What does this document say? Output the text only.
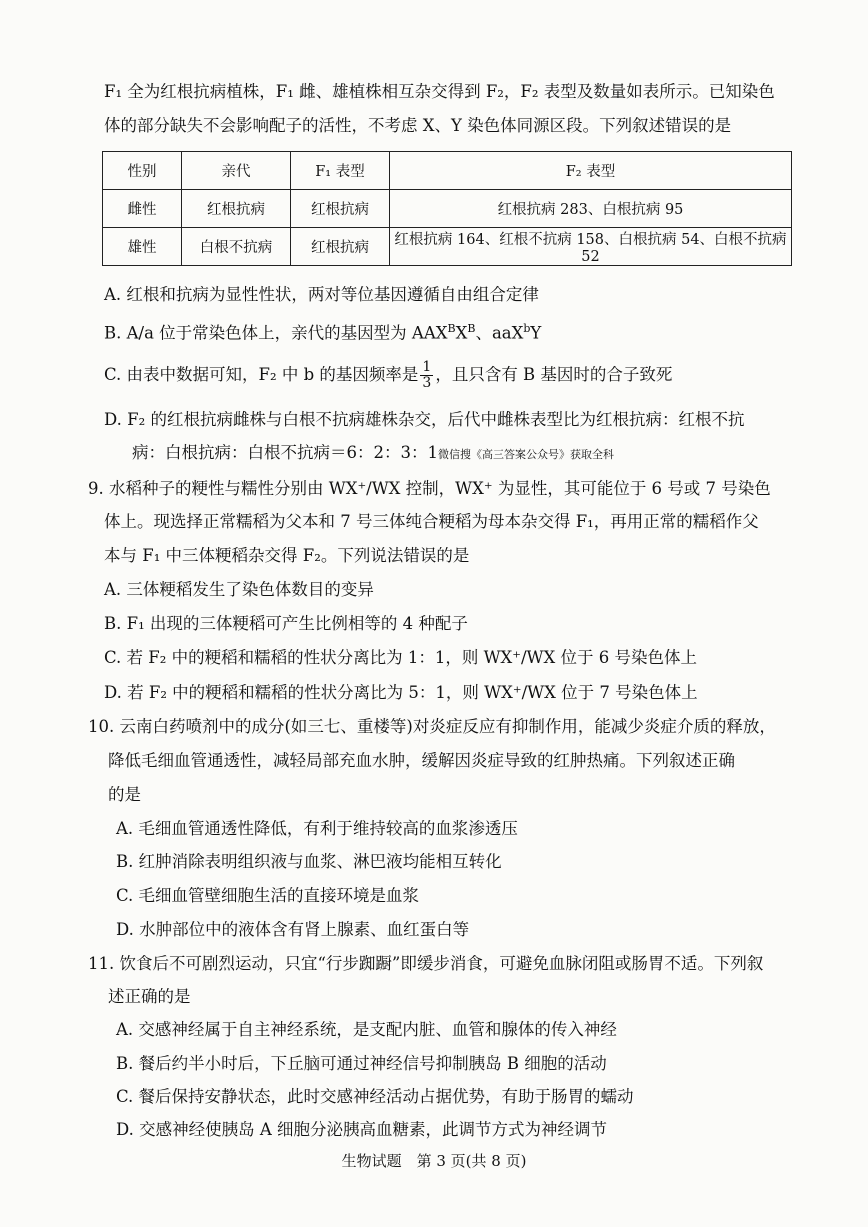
F₁ 全为红根抗病植株，F₁ 雌、雄植株相互杂交得到 F₂，F₂ 表型及数量如表所示。已知染色
体的部分缺失不会影响配子的活性，不考虑 X、Y 染色体同源区段。下列叙述错误的是
性别	亲代	F₁ 表型	F₂ 表型
雌性	红根抗病	红根抗病	红根抗病 283、白根抗病 95
雄性	白根不抗病	红根抗病	红根抗病 164、红根不抗病 158、白根抗病 54、白根不抗病 52
A. 红根和抗病为显性性状，两对等位基因遵循自由组合定律
B. A/a 位于常染色体上，亲代的基因型为 $AAX^BX^B$、aaX$^b$Y
C. 由表中数据可知，F₂ 中 b 的基因频率是 $\frac{1}{3}$ ，且只含有 B 基因时的合子致死
D. F₂ 的红根抗病雌株与白根不抗病雄株杂交，后代中雌株表型比为红根抗病：红根不抗
病：白根抗病：白根不抗病＝6：2：3：1微信搜《高三答案公众号》获取全科
9. 水稻种子的粳性与糯性分别由 WX⁺/WX 控制，WX⁺ 为显性，其可能位于 6 号或 7 号染色
体上。现选择正常糯稻为父本和 7 号三体纯合粳稻为母本杂交得 F₁，再用正常的糯稻作父
本与 F₁ 中三体粳稻杂交得 F₂。下列说法错误的是
A. 三体粳稻发生了染色体数目的变异
B. F₁ 出现的三体粳稻可产生比例相等的 4 种配子
C. 若 F₂ 中的粳稻和糯稻的性状分离比为 1：1，则 WX⁺/WX 位于 6 号染色体上
D. 若 F₂ 中的粳稻和糯稻的性状分离比为 5：1，则 WX⁺/WX 位于 7 号染色体上
10. 云南白药喷剂中的成分(如三七、重楼等)对炎症反应有抑制作用，能减少炎症介质的释放，
降低毛细血管通透性，减轻局部充血水肿，缓解因炎症导致的红肿热痛。下列叙述正确
的是
A. 毛细血管通透性降低，有利于维持较高的血浆渗透压
B. 红肿消除表明组织液与血浆、淋巴液均能相互转化
C. 毛细血管壁细胞生活的直接环境是血浆
D. 水肿部位中的液体含有肾上腺素、血红蛋白等
11. 饮食后不可剧烈运动，只宜“行步踟蹰”即缓步消食，可避免血脉闭阻或肠胃不适。下列叙
述正确的是
A. 交感神经属于自主神经系统，是支配内脏、血管和腺体的传入神经
B. 餐后约半小时后，下丘脑可通过神经信号抑制胰岛 B 细胞的活动
C. 餐后保持安静状态，此时交感神经活动占据优势，有助于肠胃的蠕动
D. 交感神经使胰岛 A 细胞分泌胰高血糖素，此调节方式为神经调节
生物试题　第 3 页(共 8 页)
